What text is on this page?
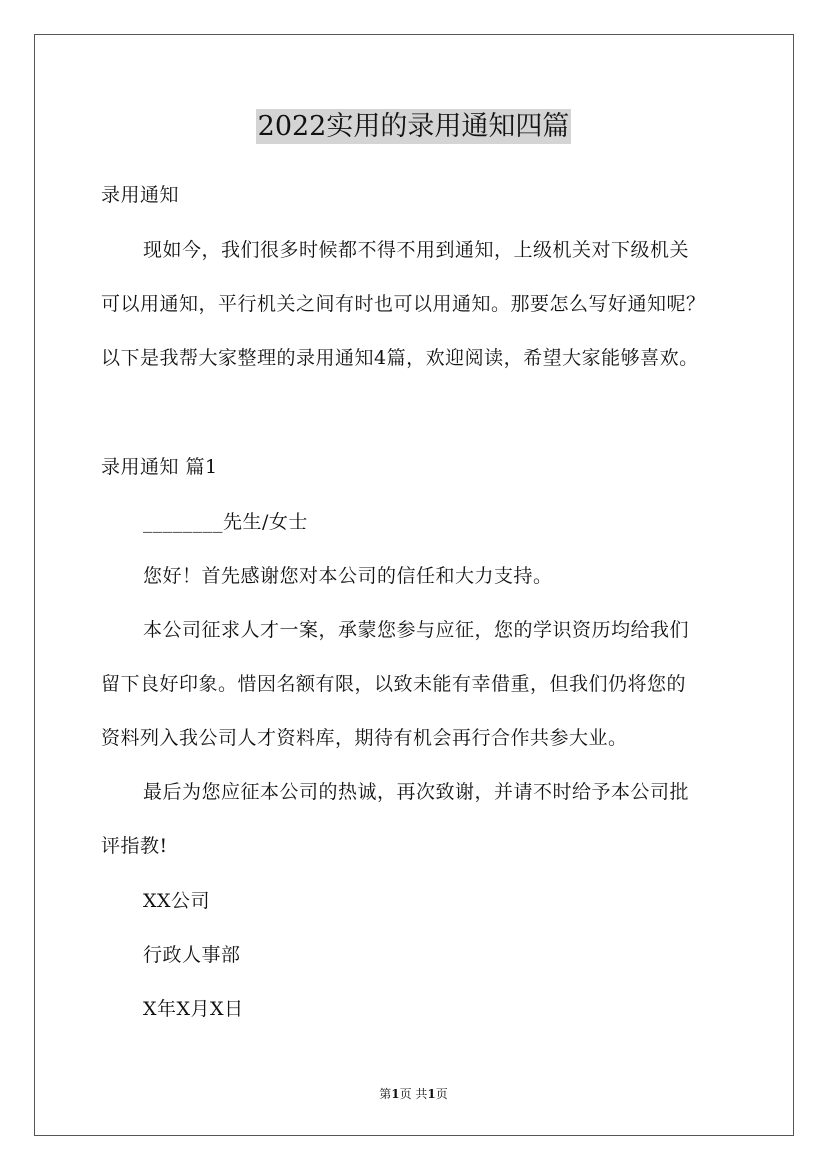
2022实用的录用通知四篇
录用通知
现如今，我们很多时候都不得不用到通知，上级机关对下级机关
可以用通知，平行机关之间有时也可以用通知。那要怎么写好通知呢？
以下是我帮大家整理的录用通知4篇，欢迎阅读，希望大家能够喜欢。
录用通知 篇1
________先生/女士
您好！首先感谢您对本公司的信任和大力支持。
本公司征求人才一案，承蒙您参与应征，您的学识资历均给我们
留下良好印象。惜因名额有限，以致未能有幸借重，但我们仍将您的
资料列入我公司人才资料库，期待有机会再行合作共参大业。
最后为您应征本公司的热诚，再次致谢，并请不时给予本公司批
评指教!
XX公司
行政人事部
X年X月X日
第1页 共1页
